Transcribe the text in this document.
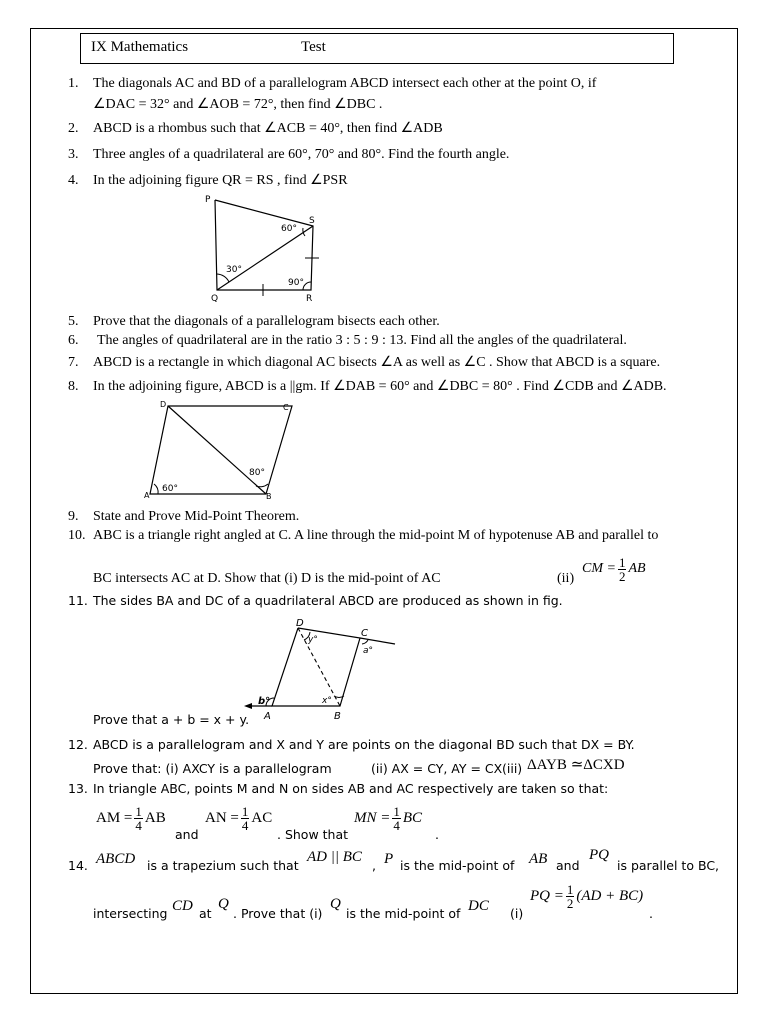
IX Mathematics	Test
1.	The diagonals AC and BD of a parallelogram ABCD intersect each other at the point O, if
∠DAC = 32° and ∠AOB = 72°, then find ∠DBC .
2.	ABCD is a rhombus such that ∠ACB = 40°, then find ∠ADB
3.	Three angles of a quadrilateral are 60°, 70° and 80°. Find the fourth angle.
4.	In the adjoining figure QR = RS , find ∠PSR
P
S
Q	R
60°
30°
90°
5.	Prove that the diagonals of a parallelogram bisects each other.
6.	The angles of quadrilateral are in the ratio 3 : 5 : 9 : 13. Find all the angles of the quadrilateral.
7.	ABCD is a rectangle in which diagonal AC bisects ∠A as well as ∠C . Show that ABCD is a square.
8.	In the adjoining figure, ABCD is a ||gm. If ∠DAB = 60° and ∠DBC = 80° . Find ∠CDB and ∠ADB.
D	C
A	B
60°
80°
9.	State and Prove Mid-Point Theorem.
10. ABC is a triangle right angled at C. A line through the mid-point M of hypotenuse AB and parallel to
BC intersects AC at D. Show that (i) D is the mid-point of AC	(ii)
CM = $\frac{1}{2}$ AB
11. The sides BA and DC of a quadrilateral ABCD are produced as shown in fig.
D
C
A	B
y°
a°
x°
b°
Prove that a + b = x + y.
12. ABCD is a parallelogram and X and Y are points on the diagonal BD such that DX = BY.
Prove that: (i) AXCY is a parallelogram	(ii) AX = CY, AY = CX (iii) ΔAYB ≃ΔCXD
13. In triangle ABC, points M and N on sides AB and AC respectively are taken so that:
AM = $\frac{1}{4}$ AB
and
AN = $\frac{1}{4}$ AC
. Show that
MN = $\frac{1}{4}$ BC
.
14. ABCD is a trapezium such that
AD || BC
, P is the mid-point of AB and
PQ
is parallel to BC,
intersecting CD at
Q
. Prove that (i)
Q
is the mid-point of DC (i)
PQ = $\frac{1}{2} (AD + BC)$
.
